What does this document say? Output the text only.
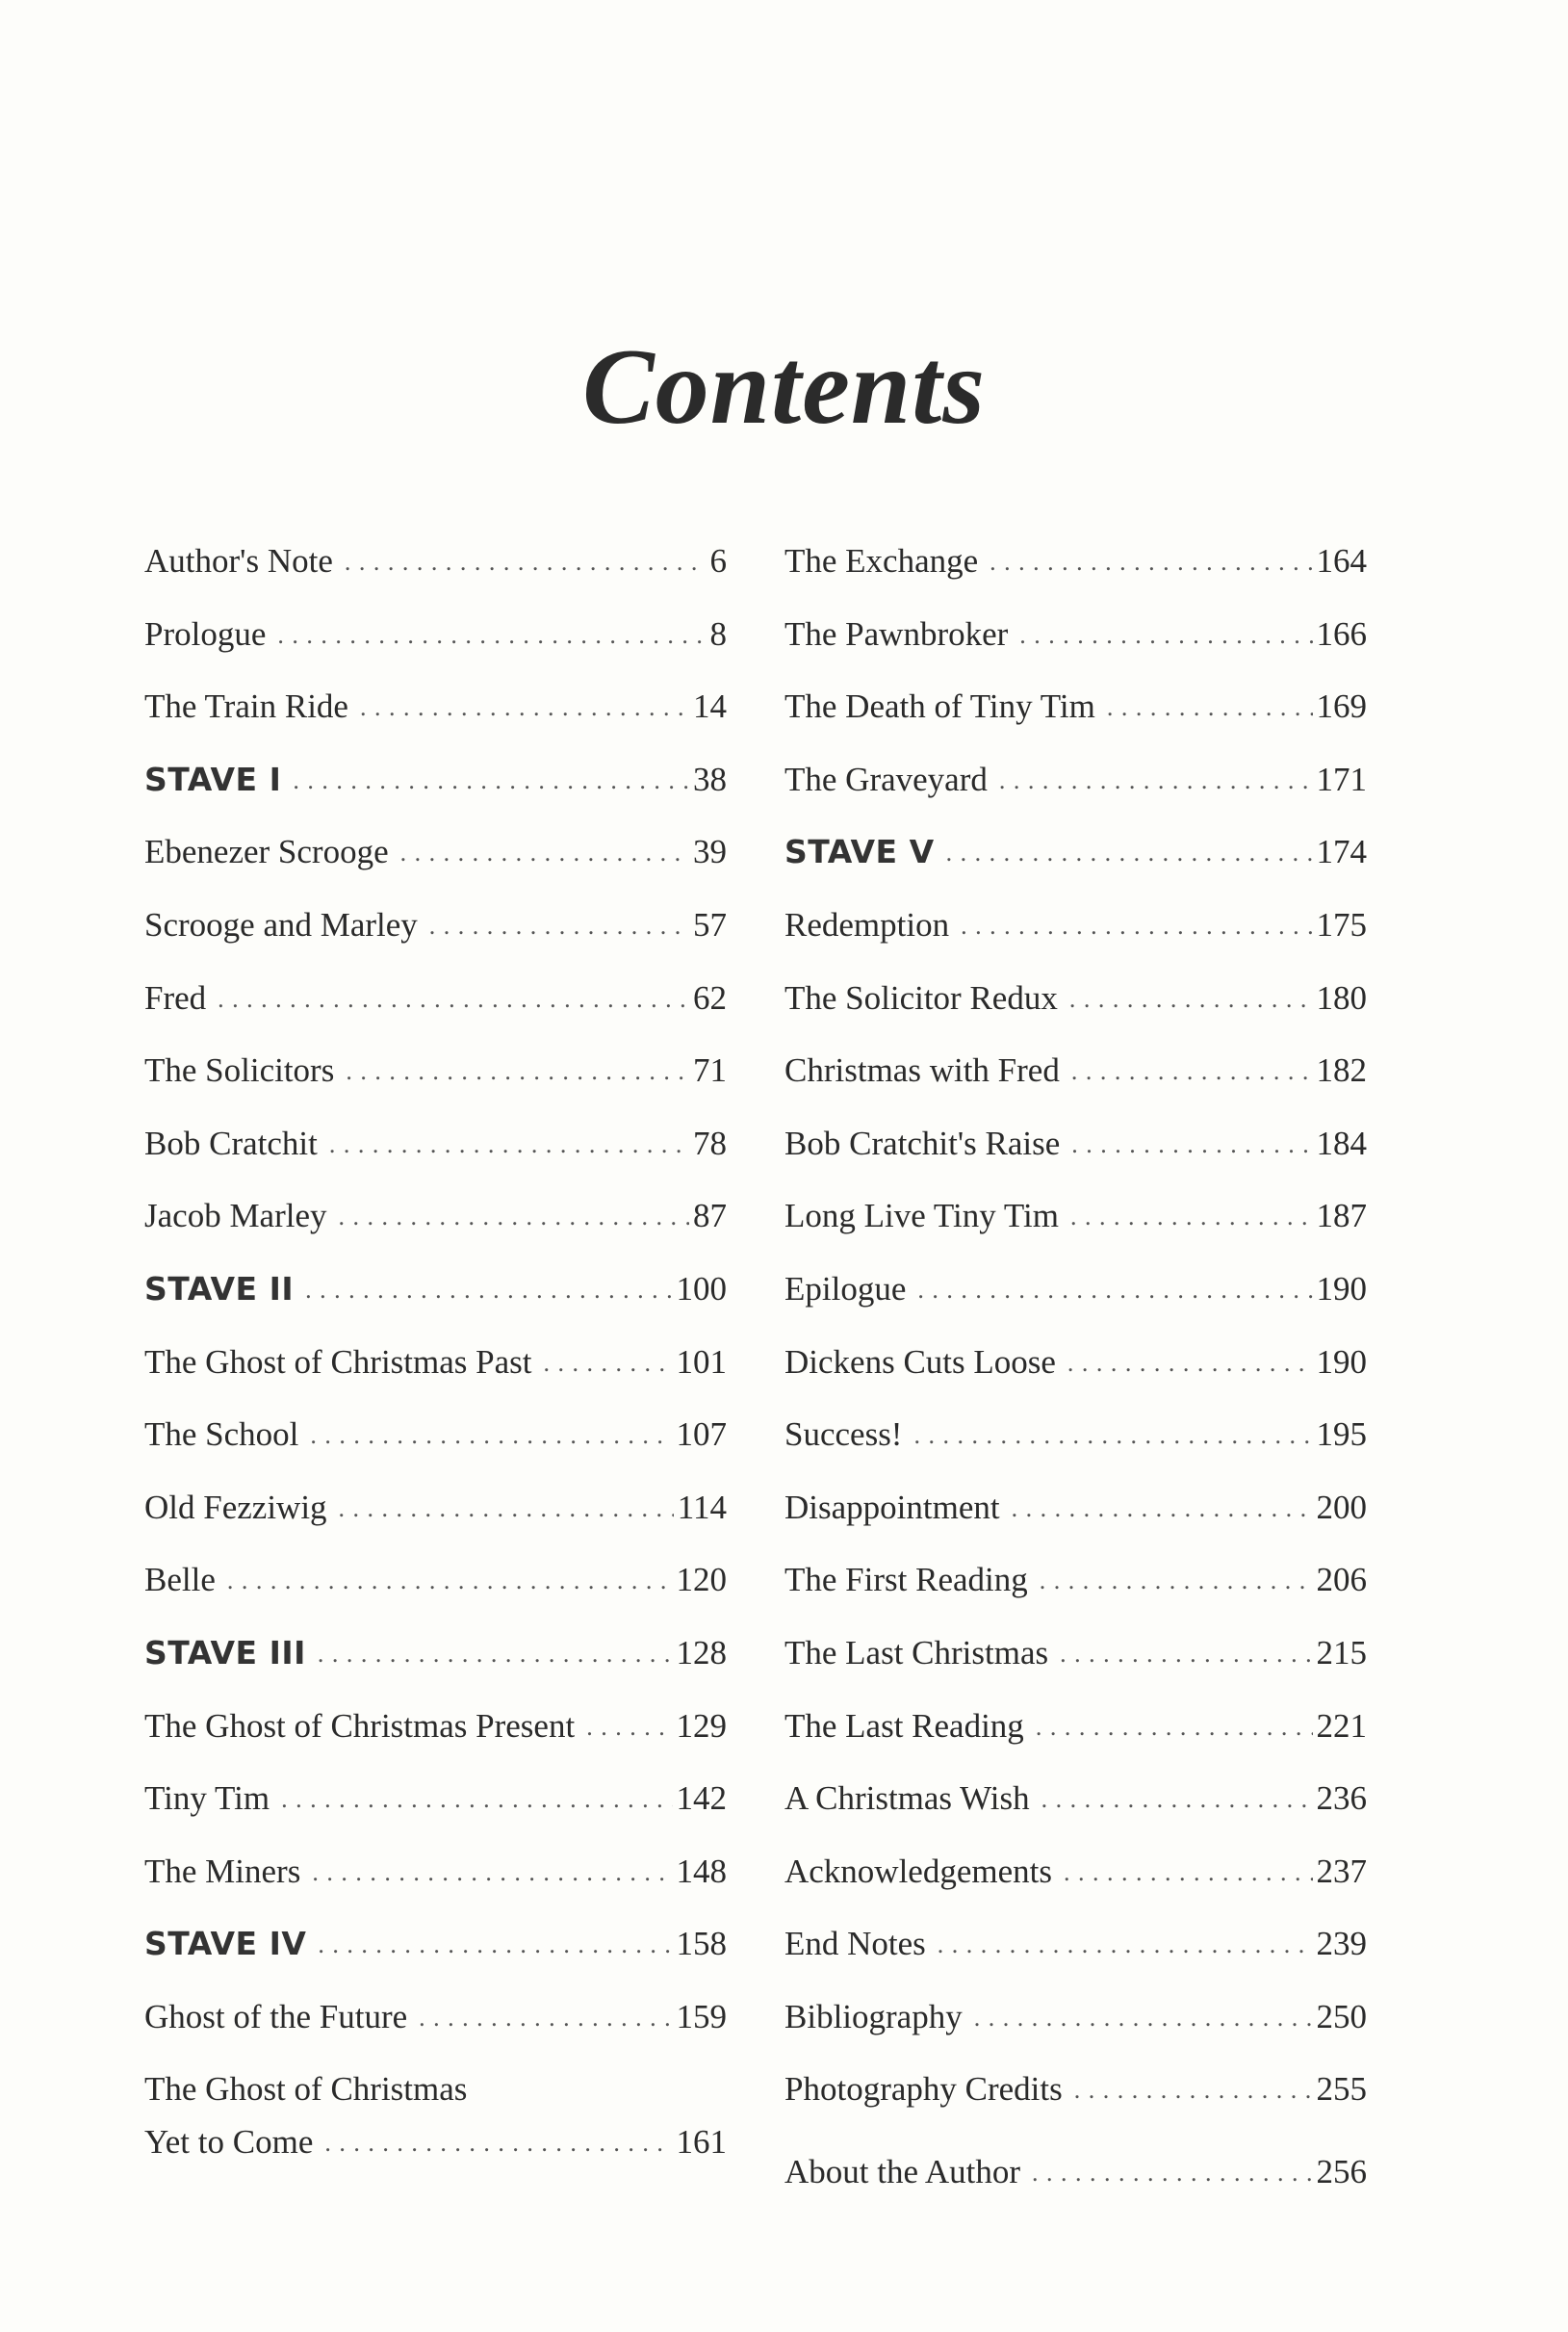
Contents
Author's Note . . .	6
Prologue . . .	8
The Train Ride . . .	14
STAVE I . . .	38
Ebenezer Scrooge . . .	39
Scrooge and Marley . . .	57
Fred . . .	62
The Solicitors . . .	71
Bob Cratchit . . .	78
Jacob Marley . . .	87
STAVE II . . .	100
The Ghost of Christmas Past . . .	101
The School . . .	107
Old Fezziwig . . .	114
Belle . . .	120
STAVE III . . .	128
The Ghost of Christmas Present . . .	129
Tiny Tim . . .	142
The Miners . . .	148
STAVE IV . . .	158
Ghost of the Future . . .	159
The Ghost of Christmas
Yet to Come . . .	161
The Exchange . . .	164
The Pawnbroker . . .	166
The Death of Tiny Tim . . .	169
The Graveyard . . .	171
STAVE V . . .	174
Redemption . . .	175
The Solicitor Redux . . .	180
Christmas with Fred . . .	182
Bob Cratchit's Raise . . .	184
Long Live Tiny Tim . . .	187
Epilogue . . .	190
Dickens Cuts Loose . . .	190
Success! . . .	195
Disappointment . . .	200
The First Reading . . .	206
The Last Christmas . . .	215
The Last Reading . . .	221
A Christmas Wish . . .	236
Acknowledgements . . .	237
End Notes . . .	239
Bibliography . . .	250
Photography Credits . . .	255
About the Author . . .	256
